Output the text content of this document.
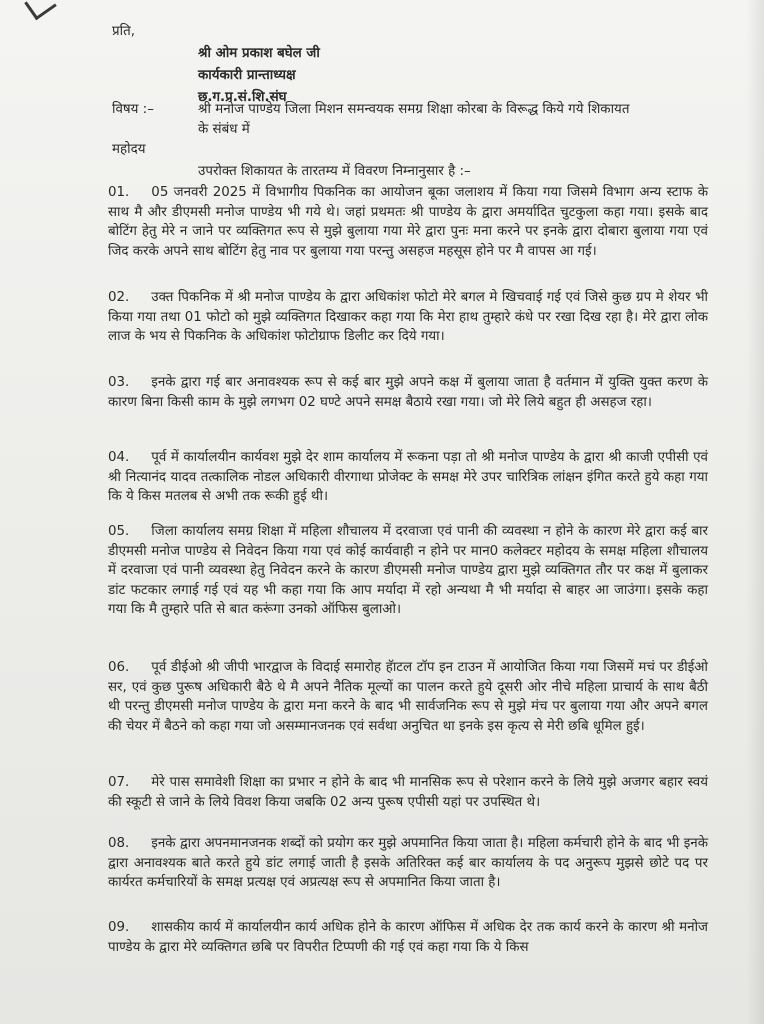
प्रति,
श्री ओम प्रकाश बघेल जी
कार्यकारी प्रान्ताध्यक्ष
छ.ग.प्र.सं.शि.संघ
विषय :–	श्री मनोज पाण्डेय जिला मिशन समन्वयक समग्र शिक्षा कोरबा के विरूद्ध किये गये शिकायत
के संबंध में
महोदय
उपरोक्त शिकायत के तारतम्य में विवरण निम्नानुसार है :–
01. 05 जनवरी 2025 में विभागीय पिकनिक का आयोजन बूका जलाशय में किया गया जिसमे विभाग अन्य स्टाफ के साथ मै और डीएमसी मनोज पाण्डेय भी गये थे। जहां प्रथमतः श्री पाण्डेय के द्वारा अमर्यादित चुटकुला कहा गया। इसके बाद बोटिंग हेतु मेरे न जाने पर व्यक्तिगत रूप से मुझे बुलाया गया मेरे द्वारा पुनः मना करने पर इनके द्वारा दोबारा बुलाया गया एवं जिद करके अपने साथ बोटिंग हेतु नाव पर बुलाया गया परन्तु असहज महसूस होने पर मै वापस आ गई।
02. उक्त पिकनिक में श्री मनोज पाण्डेय के द्वारा अधिकांश फोटो मेरे बगल मे खिचवाई गई एवं जिसे कुछ ग्रप मे शेयर भी किया गया तथा 01 फोटो को मुझे व्यक्तिगत दिखाकर कहा गया कि मेरा हाथ तुम्हारे कंधे पर रखा दिख रहा है। मेरे द्वारा लोक लाज के भय से पिकनिक के अधिकांश फोटोग्राफ डिलीट कर दिये गया।
03. इनके द्वारा गई बार अनावश्यक रूप से कई बार मुझे अपने कक्ष में बुलाया जाता है वर्तमान में युक्ति युक्त करण के कारण बिना किसी काम के मुझे लगभग 02 घण्टे अपने समक्ष बैठाये रखा गया। जो मेरे लिये बहुत ही असहज रहा।
04. पूर्व में कार्यालयीन कार्यवश मुझे देर शाम कार्यालय में रूकना पड़ा तो श्री मनोज पाण्डेय के द्वारा श्री काजी एपीसी एवं श्री नित्यानंद यादव तत्कालिक नोडल अधिकारी वीरगाथा प्रोजेक्ट के समक्ष मेरे उपर चारित्रिक लांक्षन इंगित करते हुये कहा गया कि ये किस मतलब से अभी तक रूकी हुई थी।
05. जिला कार्यालय समग्र शिक्षा में महिला शौचालय में दरवाजा एवं पानी की व्यवस्था न होने के कारण मेरे द्वारा कई बार डीएमसी मनोज पाण्डेय से निवेदन किया गया एवं कोई कार्यवाही न होने पर मान0 कलेक्टर महोदय के समक्ष महिला शौचालय में दरवाजा एवं पानी व्यवस्था हेतु निवेदन करने के कारण डीएमसी मनोज पाण्डेय द्वारा मुझे व्यक्तिगत तौर पर कक्ष में बुलाकर डांट फटकार लगाई गई एवं यह भी कहा गया कि आप मर्यादा में रहो अन्यथा मै भी मर्यादा से बाहर आ जाउंगा। इसके कहा गया कि मै तुम्हारे पति से बात करूंगा उनको ऑफिस बुलाओ।
06. पूर्व डीईओ श्री जीपी भारद्वाज के विदाई समारोह हॅाटल टॉप इन टाउन में आयोजित किया गया जिसमें मचं पर डीईओ सर, एवं कुछ पुरूष अधिकारी बैठे थे मै अपने नैतिक मूल्यों का पालन करते हुये दूसरी ओर नीचे महिला प्राचार्य के साथ बैठी थी परन्तु डीएमसी मनोज पाण्डेय के द्वारा मना करने के बाद भी सार्वजनिक रूप से मुझे मंच पर बुलाया गया और अपने बगल की चेयर में बैठने को कहा गया जो असम्मानजनक एवं सर्वथा अनुचित था इनके इस कृत्य से मेरी छबि धूमिल हुई।
07. मेरे पास समावेशी शिक्षा का प्रभार न होने के बाद भी मानसिक रूप से परेशान करने के लिये मुझे अजगर बहार स्वयं की स्कूटी से जाने के लिये विवश किया जबकि 02 अन्य पुरूष एपीसी यहां पर उपस्थित थे।
08. इनके द्वारा अपनमानजनक शब्दों को प्रयोग कर मुझे अपमानित किया जाता है। महिला कर्मचारी होने के बाद भी इनके द्वारा अनावश्यक बाते करते हुये डांट लगाई जाती है इसके अतिरिक्त कई बार कार्यालय के पद अनुरूप मुझसे छोटे पद पर कार्यरत कर्मचारियों के समक्ष प्रत्यक्ष एवं अप्रत्यक्ष रूप से अपमानित किया जाता है।
09. शासकीय कार्य में कार्यालयीन कार्य अधिक होने के कारण ऑफिस में अधिक देर तक कार्य करने के कारण श्री मनोज पाण्डेय के द्वारा मेरे व्यक्तिगत छबि पर विपरीत टिप्पणी की गई एवं कहा गया कि ये किस
